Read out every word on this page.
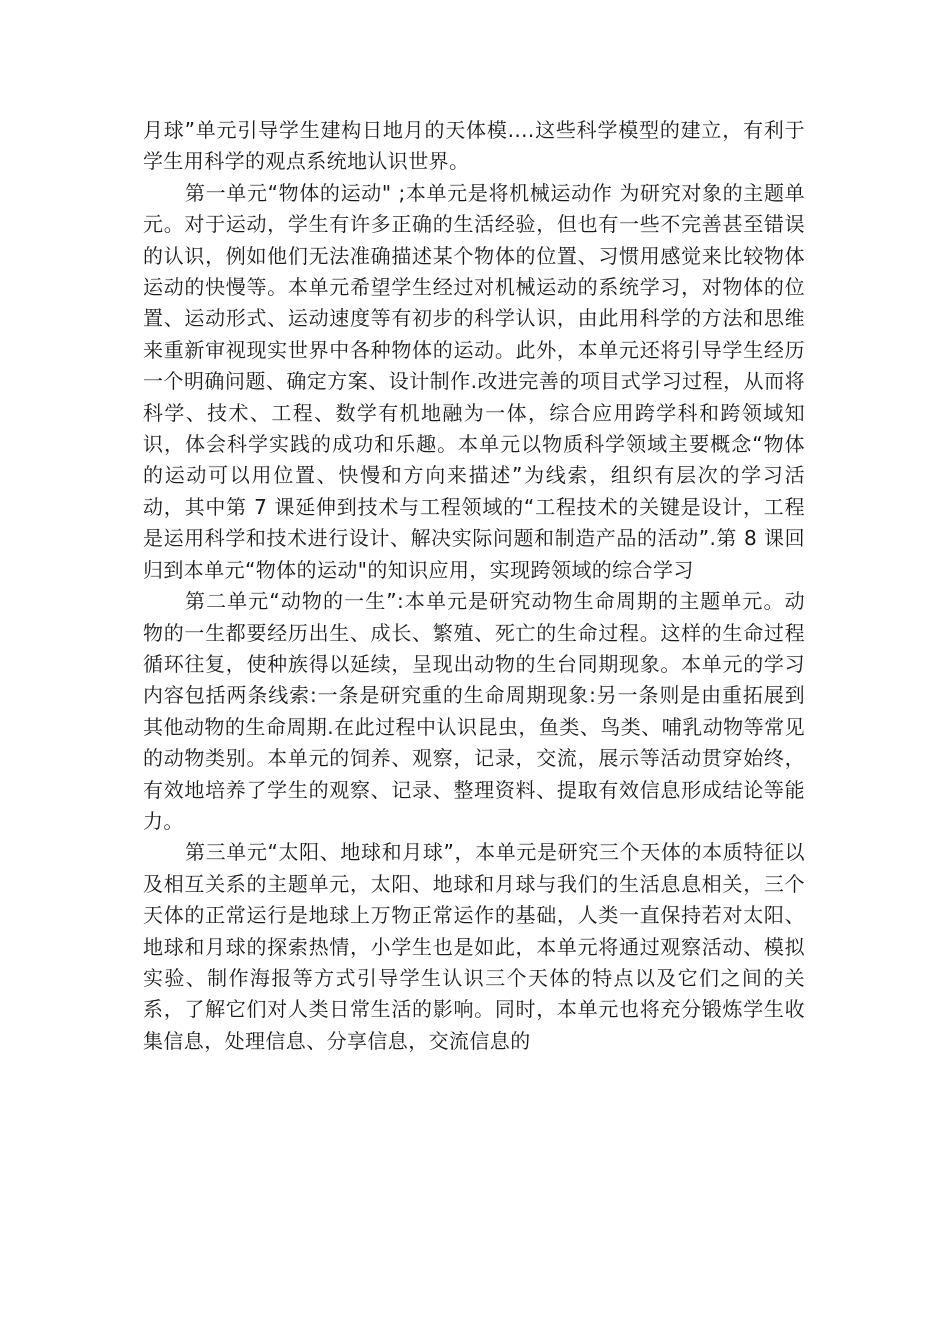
月球”单元引导学生建构日地月的天体模....这些科学模型的建立，有利于学生用科学的观点系统地认识世界。

第一单元“物体的运动" ;本单元是将机械运动作 为研究对象的主题单元。对于运动，学生有许多正确的生活经验，但也有一些不完善甚至错误的认识，例如他们无法准确描述某个物体的位置、习惯用感觉来比较物体运动的快慢等。本单元希望学生经过对机械运动的系统学习，对物体的位置、运动形式、运动速度等有初步的科学认识，由此用科学的方法和思维来重新审视现实世界中各种物体的运动。此外，本单元还将引导学生经历一个明确问题、确定方案、设计制作.改进完善的项目式学习过程，从而将科学、技术、工程、数学有机地融为一体，综合应用跨学科和跨领域知识，体会科学实践的成功和乐趣。本单元以物质科学领域主要概念“物体的运动可以用位置、快慢和方向来描述”为线索，组织有层次的学习活动，其中第 7 课延伸到技术与工程领域的“工程技术的关键是设计，工程是运用科学和技术进行设计、解决实际问题和制造产品的活动”.第 8 课回归到本单元“物体的运动"的知识应用，实现跨领域的综合学习

第二单元“动物的一生”:本单元是研究动物生命周期的主题单元。动物的一生都要经历出生、成长、繁殖、死亡的生命过程。这样的生命过程循环往复，使种族得以延续，呈现出动物的生台同期现象。本单元的学习内容包括两条线索:一条是研究重的生命周期现象:另一条则是由重拓展到其他动物的生命周期.在此过程中认识昆虫，鱼类、鸟类、哺乳动物等常见的动物类别。本单元的饲养、观察，记录，交流，展示等活动贯穿始终，有效地培养了学生的观察、记录、整理资料、提取有效信息形成结论等能力。

第三单元“太阳、地球和月球”，本单元是研究三个天体的本质特征以及相互关系的主题单元，太阳、地球和月球与我们的生活息息相关，三个天体的正常运行是地球上万物正常运作的基础，人类一直保持若对太阳、地球和月球的探索热情，小学生也是如此，本单元将通过观察活动、模拟实验、制作海报等方式引导学生认识三个天体的特点以及它们之间的关系，了解它们对人类日常生活的影响。同时，本单元也将充分锻炼学生收集信息，处理信息、分享信息，交流信息的
